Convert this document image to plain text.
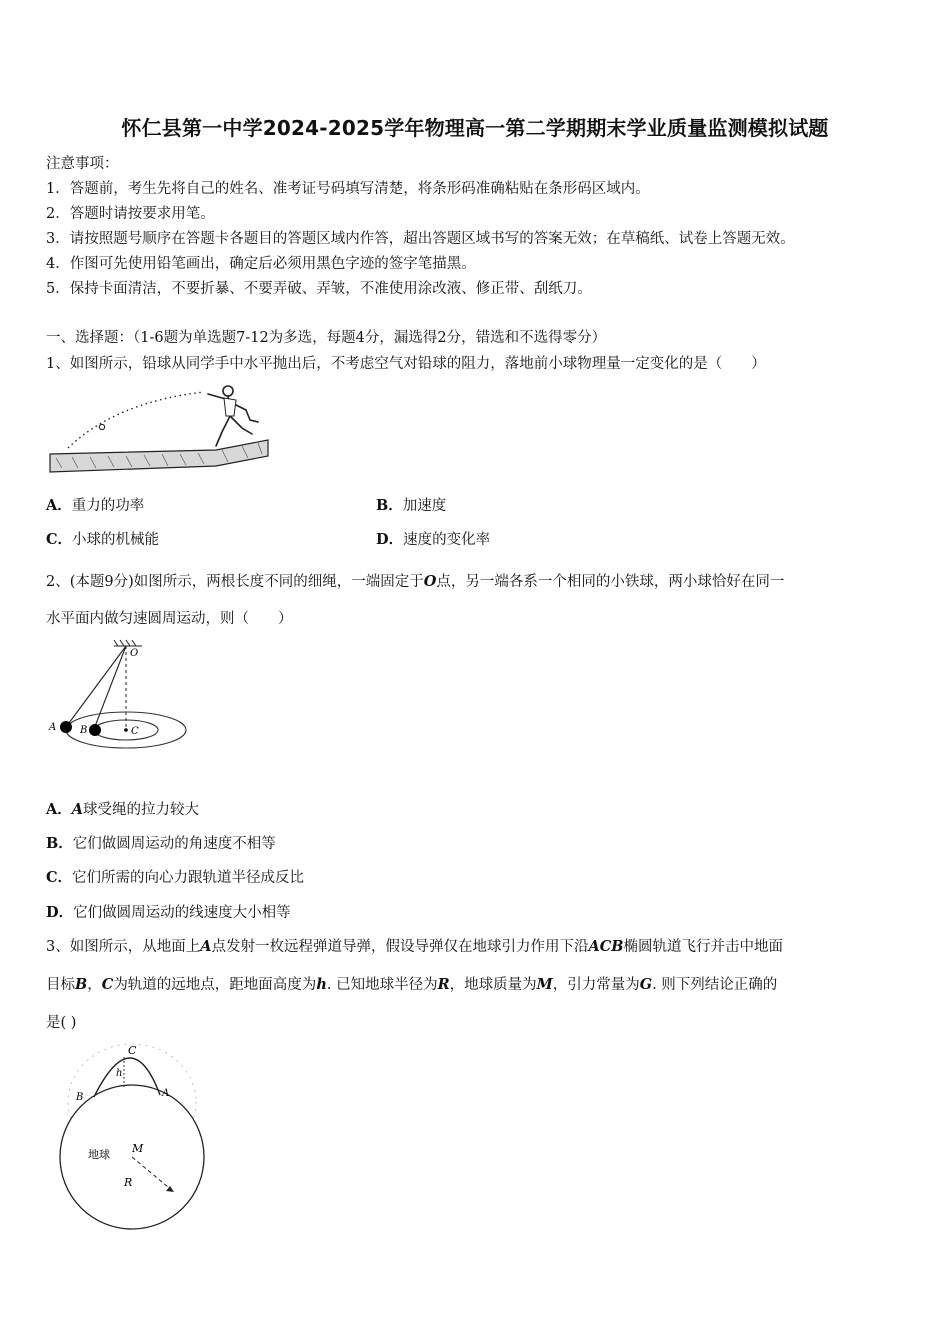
怀仁县第一中学2024-2025学年物理高一第二学期期末学业质量监测模拟试题
注意事项：
1．答题前，考生先将自己的姓名、准考证号码填写清楚，将条形码准确粘贴在条形码区域内。
2．答题时请按要求用笔。
3．请按照题号顺序在答题卡各题目的答题区域内作答，超出答题区域书写的答案无效；在草稿纸、试卷上答题无效。
4．作图可先使用铅笔画出，确定后必须用黑色字迹的签字笔描黑。
5．保持卡面清洁，不要折暴、不要弄破、弄皱，不准使用涂改液、修正带、刮纸刀。
一、选择题：（1-6题为单选题7-12为多选，每题4分，漏选得2分，错选和不选得零分）
1、如图所示，铅球从同学手中水平抛出后，不考虑空气对铅球的阻力，落地前小球物理量一定变化的是（　　）
A．重力的功率	B．加速度
C．小球的机械能	D．速度的变化率
2、(本题9分)如图所示，两根长度不同的细绳，一端固定于O点，另一端各系一个相同的小铁球，两小球恰好在同一
水平面内做匀速圆周运动，则（　　）
O
A B	C
A．A球受绳的拉力较大
B．它们做圆周运动的角速度不相等
C．它们所需的向心力跟轨道半径成反比
D．它们做圆周运动的线速度大小相等
3、如图所示，从地面上A点发射一枚远程弹道导弹，假设导弹仅在地球引力作用下沿ACB椭圆轨道飞行并击中地面
目标B，C为轨道的远地点，距地面高度为h. 已知地球半径为R，地球质量为M，引力常量为G. 则下列结论正确的
是( )
C
h
B	A
地球 M
R
